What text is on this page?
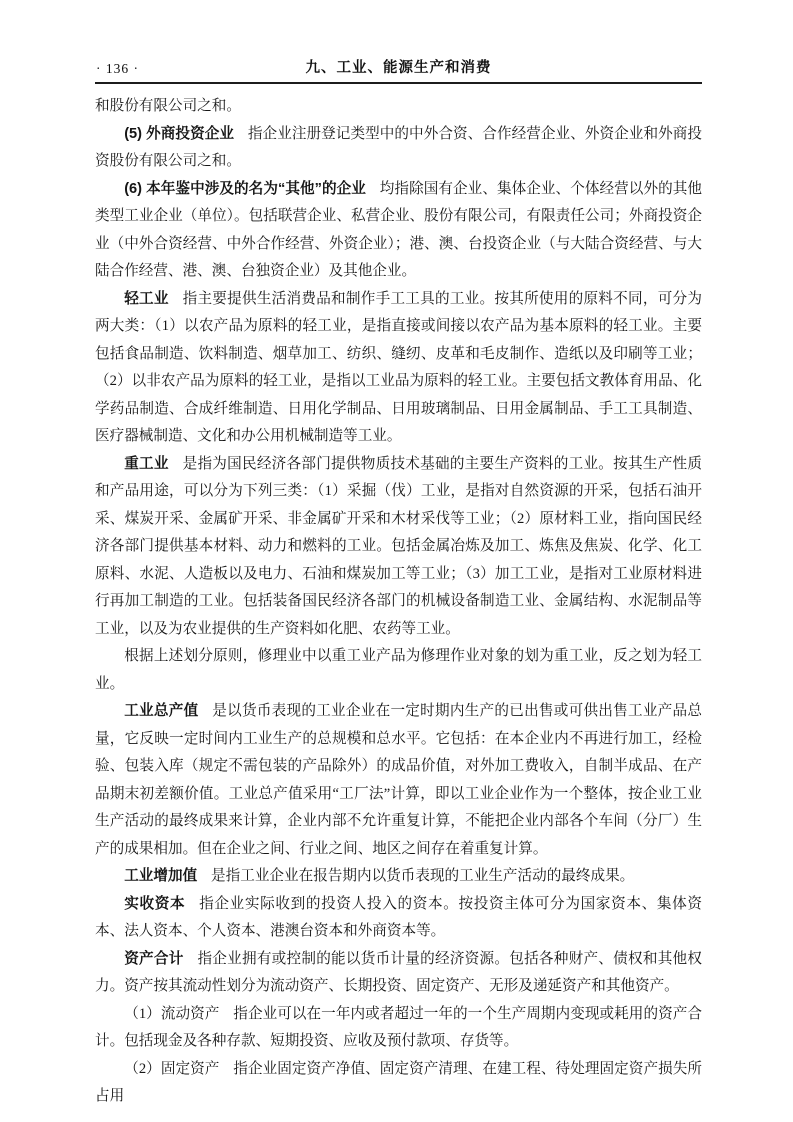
· 136 ·	九、工业、能源生产和消费

和股份有限公司之和。

(5) 外商投资企业 指企业注册登记类型中的中外合资、合作经营企业、外资企业和外商投资股份有限公司之和。

(6) 本年鉴中涉及的名为“其他”的企业 均指除国有企业、集体企业、个体经营以外的其他类型工业企业（单位）。包括联营企业、私营企业、股份有限公司，有限责任公司；外商投资企业（中外合资经营、中外合作经营、外资企业）；港、澳、台投资企业（与大陆合资经营、与大陆合作经营、港、澳、台独资企业）及其他企业。

轻工业 指主要提供生活消费品和制作手工工具的工业。按其所使用的原料不同，可分为两大类：（1）以农产品为原料的轻工业，是指直接或间接以农产品为基本原料的轻工业。主要包括食品制造、饮料制造、烟草加工、纺织、缝纫、皮革和毛皮制作、造纸以及印刷等工业；（2）以非农产品为原料的轻工业，是指以工业品为原料的轻工业。主要包括文教体育用品、化学药品制造、合成纤维制造、日用化学制品、日用玻璃制品、日用金属制品、手工工具制造、医疗器械制造、文化和办公用机械制造等工业。

重工业 是指为国民经济各部门提供物质技术基础的主要生产资料的工业。按其生产性质和产品用途，可以分为下列三类：（1）采掘（伐）工业，是指对自然资源的开采，包括石油开采、煤炭开采、金属矿开采、非金属矿开采和木材采伐等工业；（2）原材料工业，指向国民经济各部门提供基本材料、动力和燃料的工业。包括金属冶炼及加工、炼焦及焦炭、化学、化工原料、水泥、人造板以及电力、石油和煤炭加工等工业；（3）加工工业，是指对工业原材料进行再加工制造的工业。包括装备国民经济各部门的机械设备制造工业、金属结构、水泥制品等工业，以及为农业提供的生产资料如化肥、农药等工业。

根据上述划分原则，修理业中以重工业产品为修理作业对象的划为重工业，反之划为轻工业。

工业总产值 是以货币表现的工业企业在一定时期内生产的已出售或可供出售工业产品总量，它反映一定时间内工业生产的总规模和总水平。它包括：在本企业内不再进行加工，经检验、包装入库（规定不需包装的产品除外）的成品价值，对外加工费收入，自制半成品、在产品期末初差额价值。工业总产值采用“工厂法”计算，即以工业企业作为一个整体，按企业工业生产活动的最终成果来计算，企业内部不允许重复计算，不能把企业内部各个车间（分厂）生产的成果相加。但在企业之间、行业之间、地区之间存在着重复计算。

工业增加值 是指工业企业在报告期内以货币表现的工业生产活动的最终成果。

实收资本 指企业实际收到的投资人投入的资本。按投资主体可分为国家资本、集体资本、法人资本、个人资本、港澳台资本和外商资本等。

资产合计 指企业拥有或控制的能以货币计量的经济资源。包括各种财产、债权和其他权力。资产按其流动性划分为流动资产、长期投资、固定资产、无形及递延资产和其他资产。

（1）流动资产 指企业可以在一年内或者超过一年的一个生产周期内变现或耗用的资产合计。包括现金及各种存款、短期投资、应收及预付款项、存货等。

（2）固定资产 指企业固定资产净值、固定资产清理、在建工程、待处理固定资产损失所占用
